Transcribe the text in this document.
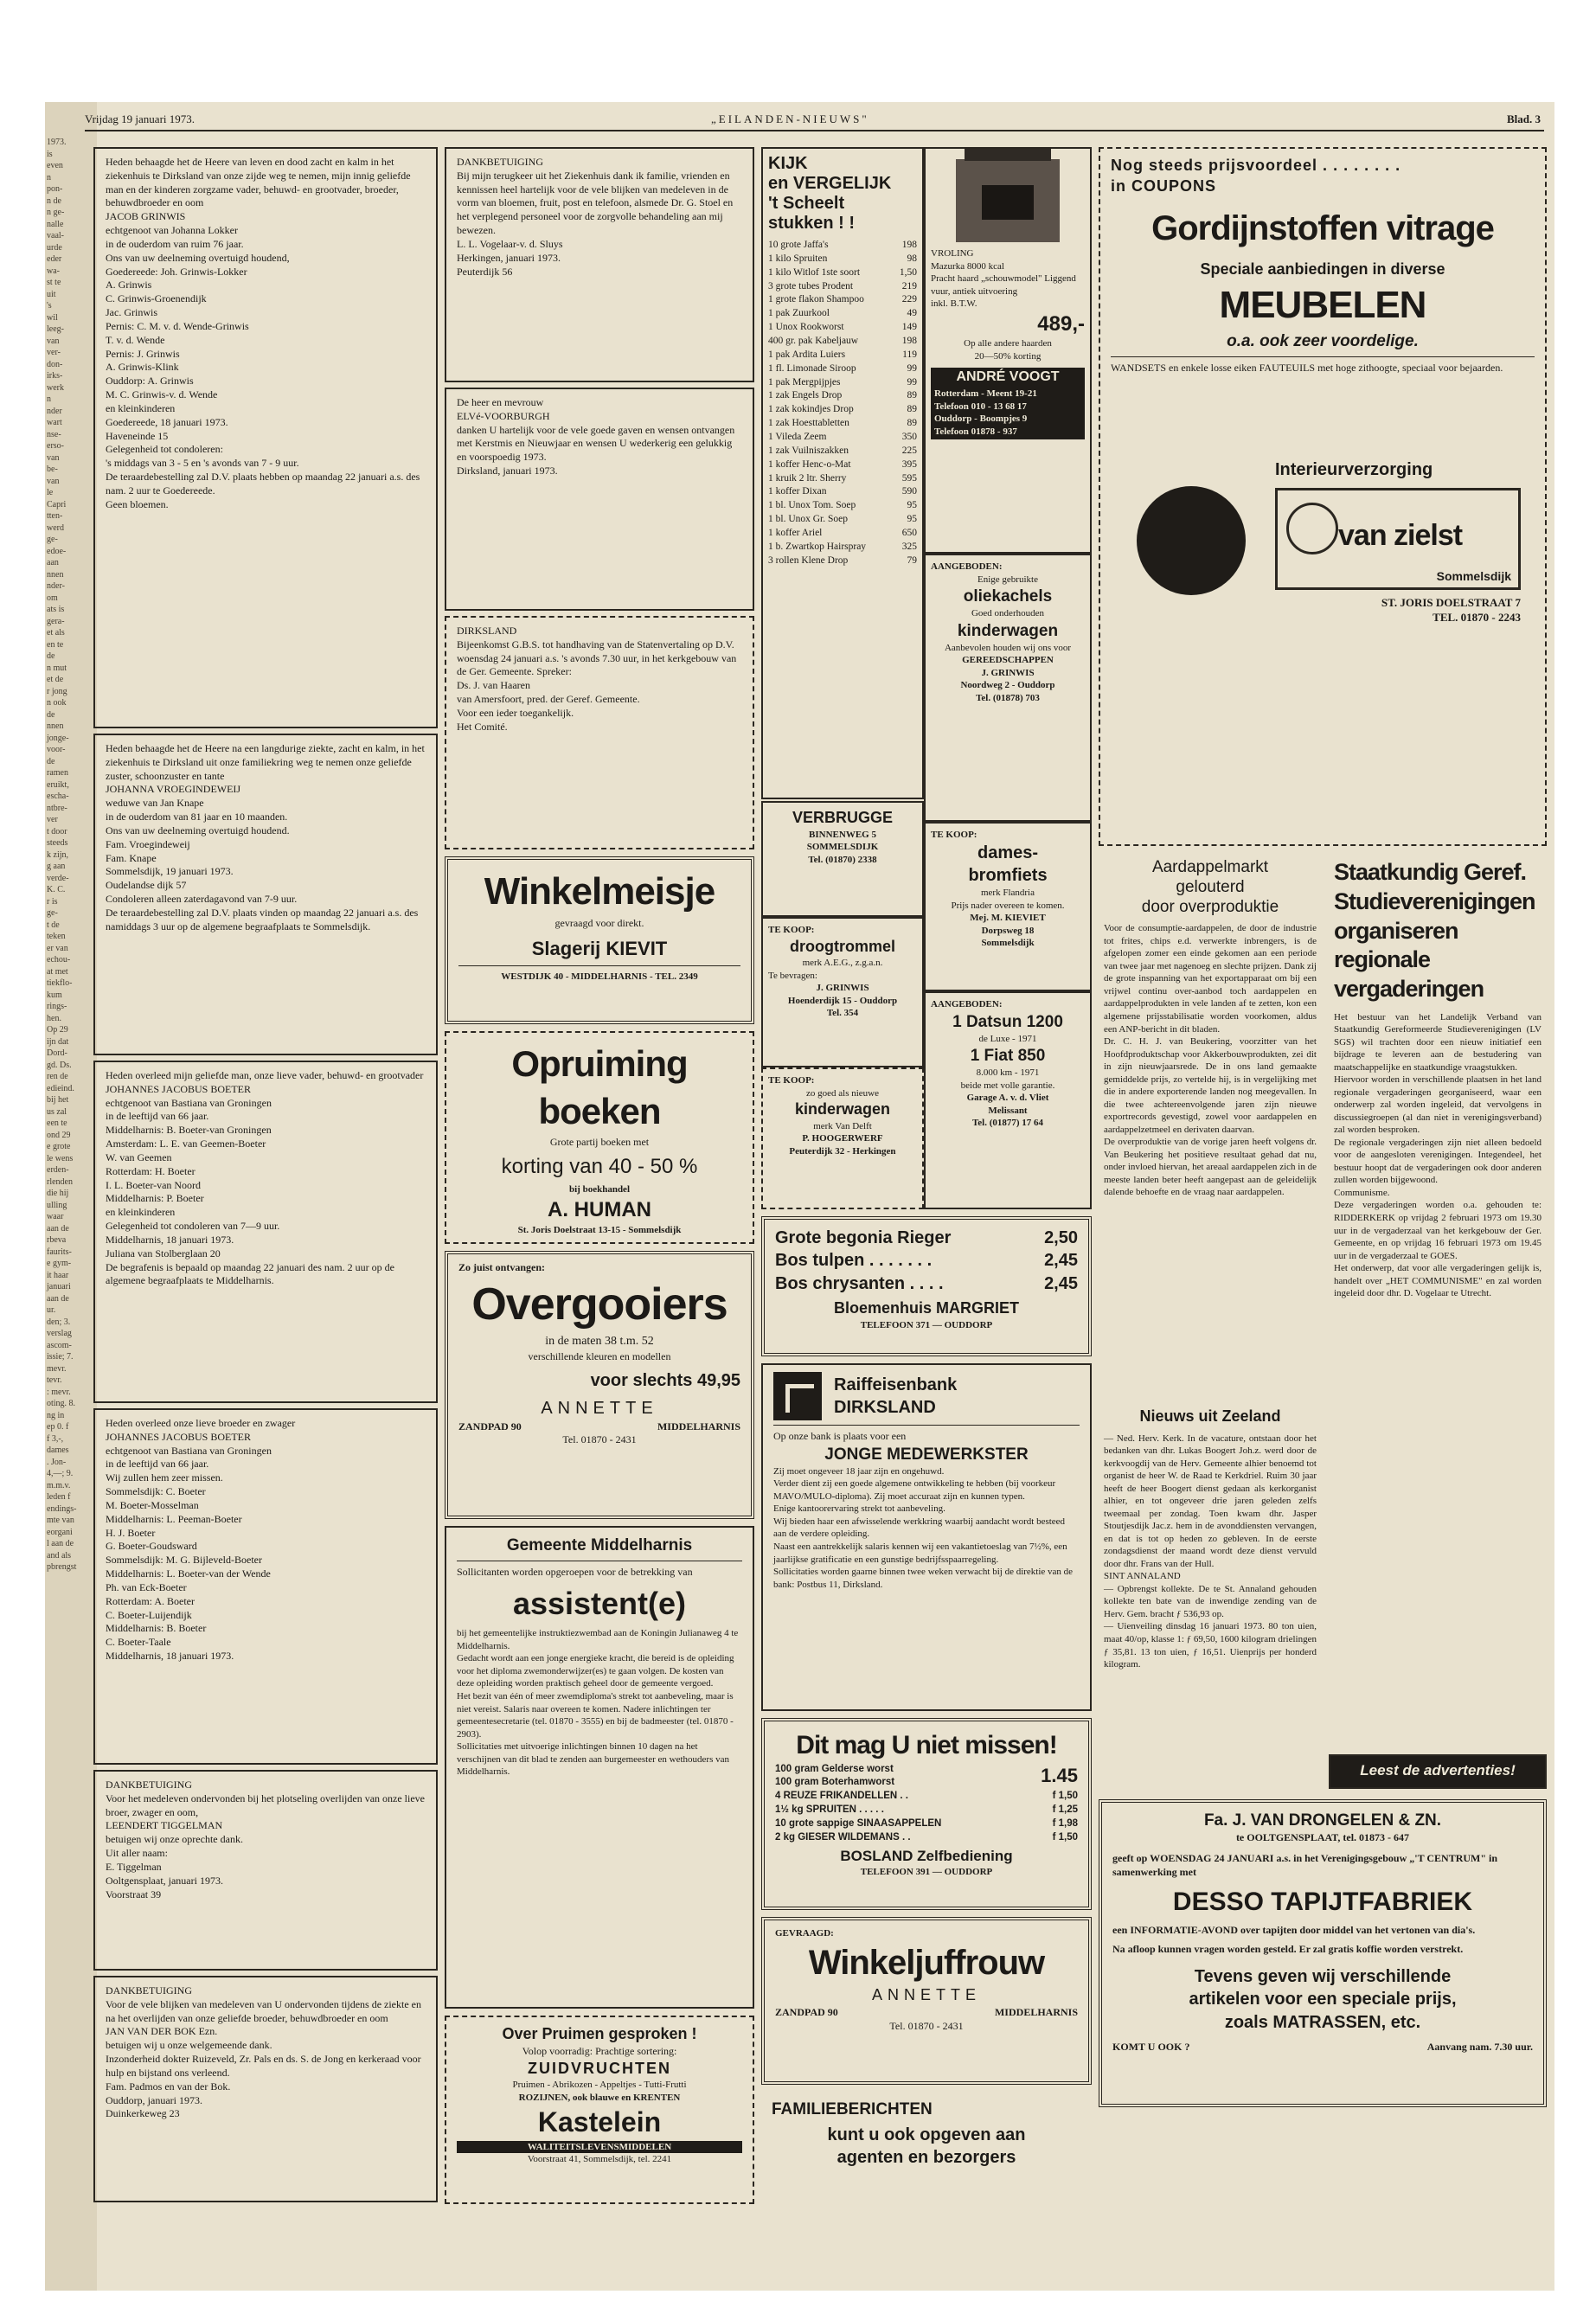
1973.
is
even
n
pon-
n de
n ge-
nalle
vaal-
urde
eder
wa-
st te
uit
's
wil
leeg-
van
ver-
don-
irks-
werk
n
nder
wart
nse-
erso-
van
be-
van
le
Capri
tten-
werd
ge-
edoe-
aan
nnen
nder-
om
ats is
gera-
et als
en te
de
n mut
et de
r jong
n ook
de
nnen
jonge-
voor-
de
ramen
eruikt,
escha-
ntbre-
ver
t door
steeds
k zijn,
g aan
verde-
K. C.
r is
ge-
t de
teken
er van
echou-
at met
tiekflo-
kum
rings-
hen.
Op 29
ijn dat
Dord-
gd. Ds.
ren de
edieind.
bij het
us zal
een te
ond 29
e grote
le wens
erden-
rlenden
die hij
ulling
waar
aan de
rbeva
faurits-
e gym-
it haar
januari
aan de
ur.
den; 3.
verslag
ascom-
issie; 7.
mevr.
tevr.
: mevr.
oting. 8.
ng in
ep 0. f
f 3,-,
dames
. Jon-
4,—; 9.
m.m.v.
leden f
endings-
mte van
eorgani
l aan de
and als
pbrengst
Vrijdag 19 januari 1973.	„EILANDEN-NIEUWS"	Blad. 3
Heden behaagde het de Heere van leven en dood zacht en kalm in het ziekenhuis te Dirksland van onze zijde weg te nemen, mijn innig geliefde man en der kinderen zorgzame vader, behuwd- en grootvader, broeder, behuwdbroeder en oom
JACOB GRINWIS
echtgenoot van Johanna Lokker
in de ouderdom van ruim 76 jaar.
Ons van uw deelneming overtuigd houdend,
Goedereede: Joh. Grinwis-Lokker
A. Grinwis
C. Grinwis-Groenendijk
Jac. Grinwis
Pernis: C. M. v. d. Wende-Grinwis
T. v. d. Wende
Pernis: J. Grinwis
A. Grinwis-Klink
Ouddorp: A. Grinwis
M. C. Grinwis-v. d. Wende
en kleinkinderen
Goedereede, 18 januari 1973.
Haveneinde 15
Gelegenheid tot condoleren:
's middags van 3 - 5 en 's avonds van 7 - 9 uur.
De teraardebestelling zal D.V. plaats hebben op maandag 22 januari a.s. des nam. 2 uur te Goedereede.
Geen bloemen.
Heden behaagde het de Heere na een langdurige ziekte, zacht en kalm, in het ziekenhuis te Dirksland uit onze familiekring weg te nemen onze geliefde zuster, schoonzuster en tante
JOHANNA VROEGINDEWEIJ
weduwe van Jan Knape
in de ouderdom van 81 jaar en 10 maanden.
Ons van uw deelneming overtuigd houdend.
Fam. Vroegindeweij
Fam. Knape
Sommelsdijk, 19 januari 1973.
Oudelandse dijk 57
Condoleren alleen zaterdagavond van 7-9 uur.
De teraardebestelling zal D.V. plaats vinden op maandag 22 januari a.s. des namiddags 3 uur op de algemene begraafplaats te Sommelsdijk.
Heden overleed mijn geliefde man, onze lieve vader, behuwd- en grootvader
JOHANNES JACOBUS BOETER
echtgenoot van Bastiana van Groningen
in de leeftijd van 66 jaar.
Middelharnis: B. Boeter-van Groningen
Amsterdam: L. E. van Geemen-Boeter
W. van Geemen
Rotterdam: H. Boeter
I. L. Boeter-van Noord
Middelharnis: P. Boeter
en kleinkinderen
Gelegenheid tot condoleren van 7—9 uur.
Middelharnis, 18 januari 1973.
Juliana van Stolberglaan 20
De begrafenis is bepaald op maandag 22 januari des nam. 2 uur op de algemene begraafplaats te Middelharnis.
Heden overleed onze lieve broeder en zwager
JOHANNES JACOBUS BOETER
echtgenoot van Bastiana van Groningen
in de leeftijd van 66 jaar.
Wij zullen hem zeer missen.
Sommelsdijk: C. Boeter
M. Boeter-Mosselman
Middelharnis: L. Peeman-Boeter
H. J. Boeter
G. Boeter-Goudsward
Sommelsdijk: M. G. Bijleveld-Boeter
Middelharnis: L. Boeter-van der Wende
Ph. van Eck-Boeter
Rotterdam: A. Boeter
C. Boeter-Luijendijk
Middelharnis: B. Boeter
C. Boeter-Taale
Middelharnis, 18 januari 1973.
DANKBETUIGING
Voor het medeleven ondervonden bij het plotseling overlijden van onze lieve broer, zwager en oom,
LEENDERT TIGGELMAN
betuigen wij onze oprechte dank.
Uit aller naam:
E. Tiggelman
Ooltgensplaat, januari 1973.
Voorstraat 39
DANKBETUIGING
Voor de vele blijken van medeleven van U ondervonden tijdens de ziekte en na het overlijden van onze geliefde broeder, behuwdbroeder en oom
JAN VAN DER BOK Ezn.
betuigen wij u onze welgemeende dank.
Inzonderheid dokter Ruizeveld, Zr. Pals en ds. S. de Jong en kerkeraad voor hulp en bijstand ons verleend.
Fam. Padmos en van der Bok.
Ouddorp, januari 1973.
Duinkerkeweg 23
DANKBETUIGING
Bij mijn terugkeer uit het Ziekenhuis dank ik familie, vrienden en kennissen heel hartelijk voor de vele blijken van medeleven in de vorm van bloemen, fruit, post en telefoon, alsmede Dr. G. Stoel en het verplegend personeel voor de zorgvolle behandeling aan mij bewezen.
L. L. Vogelaar-v. d. Sluys
Herkingen, januari 1973.
Peuterdijk 56
De heer en mevrouw
ELVé-VOORBURGH
danken U hartelijk voor de vele goede gaven en wensen ontvangen met Kerstmis en Nieuwjaar en wensen U wederkerig een gelukkig en voorspoedig 1973.
Dirksland, januari 1973.
DIRKSLAND
Bijeenkomst G.B.S. tot handhaving van de Statenvertaling op D.V. woensdag 24 januari a.s. 's avonds 7.30 uur, in het kerkgebouw van de Ger. Gemeente. Spreker:
Ds. J. van Haaren
van Amersfoort, pred. der Geref. Gemeente.
Voor een ieder toegankelijk.
Het Comité.
Winkelmeisje
gevraagd voor direkt.
Slagerij KIEVIT
WESTDIJK 40 - MIDDELHARNIS - TEL. 2349
Opruiming boeken
Grote partij boeken met
korting van 40 - 50 %
bij boekhandel
A. HUMAN
St. Joris Doelstraat 13-15 - Sommelsdijk
Zo juist ontvangen:
Overgooiers
in de maten 38 t.m. 52
verschillende kleuren en modellen
voor slechts 49,95
ANNETTE
ZANDPAD 90	MIDDELHARNIS
Tel. 01870 - 2431
Gemeente Middelharnis
Sollicitanten worden opgeroepen voor de betrekking van
assistent(e)
bij het gemeentelijke instruktiezwembad aan de Koningin Julianaweg 4 te Middelharnis.
Gedacht wordt aan een jonge energieke kracht, die bereid is de opleiding voor het diploma zwemonderwijzer(es) te gaan volgen. De kosten van deze opleiding worden praktisch geheel door de gemeente vergoed.
Het bezit van één of meer zwemdiploma's strekt tot aanbeveling, maar is niet vereist. Salaris naar overeen te komen. Nadere inlichtingen ter gemeentesecretarie (tel. 01870 - 3555) en bij de badmeester (tel. 01870 - 2903).
Sollicitaties met uitvoerige inlichtingen binnen 10 dagen na het verschijnen van dit blad te zenden aan burgemeester en wethouders van Middelharnis.
Over Pruimen gesproken !
Volop voorradig: Prachtige sortering:
ZUIDVRUCHTEN
Pruimen - Abrikozen - Appeltjes - Tutti-Frutti
ROZIJNEN, ook blauwe en KRENTEN
Kastelein
WALITEITSLEVENSMIDDELEN
Voorstraat 41, Sommelsdijk, tel. 2241
KIJK
en VERGELIJK
't Scheelt
stukken ! !
10 grote Jaffa's	198
1 kilo Spruiten	98
1 kilo Witlof 1ste soort	1,50
3 grote tubes Prodent	219
1 grote flakon Shampoo	229
1 pak Zuurkool	49
1 Unox Rookworst	149
400 gr. pak Kabeljauw	198
1 pak Ardita Luiers	119
1 fl. Limonade Siroop	99
1 pak Mergpijpjes	99
1 zak Engels Drop	89
1 zak kokindjes Drop	89
1 zak Hoesttabletten	89
1 Vileda Zeem	350
1 zak Vuilniszakken	225
1 koffer Henc-o-Mat	395
1 kruik 2 ltr. Sherry	595
1 koffer Dixan	590
1 bl. Unox Tom. Soep	95
1 bl. Unox Gr. Soep	95
1 koffer Ariel	650
1 b. Zwartkop Hairspray	325
3 rollen Klene Drop	79
VROLING
Mazurka 8000 kcal
Pracht haard „schouwmodel" Liggend vuur, antiek uitvoering
inkl. B.T.W.
489,-
Op alle andere haarden
20—50% korting
ANDRÉ VOOGT
Rotterdam - Meent 19-21
Telefoon 010 - 13 68 17
Ouddorp - Boompjes 9
Telefoon 01878 - 937
AANGEBODEN:
Enige gebruikte
oliekachels
Goed onderhouden
kinderwagen
Aanbevolen houden wij ons voor
GEREEDSCHAPPEN
J. GRINWIS
Noordweg 2 - Ouddorp
Tel. (01878) 703
VERBRUGGE
BINNENWEG 5
SOMMELSDIJK
Tel. (01870) 2338
TE KOOP:
droogtrommel
merk A.E.G., z.g.a.n.
Te bevragen:
J. GRINWIS
Hoenderdijk 15 - Ouddorp
Tel. 354
TE KOOP:
dames-
bromfiets
merk Flandria
Prijs nader overeen te komen.
Mej. M. KIEVIET
Dorpsweg 18
Sommelsdijk
TE KOOP:
zo goed als nieuwe
kinderwagen
merk Van Delft
P. HOOGERWERF
Peuterdijk 32 - Herkingen
AANGEBODEN:
1 Datsun 1200
de Luxe - 1971
1 Fiat 850
8.000 km - 1971
beide met volle garantie.
Garage A. v. d. Vliet
Melissant
Tel. (01877) 17 64
Grote begonia Rieger	2,50
Bos tulpen . . . . . . .	2,45
Bos chrysanten . . . .	2,45
Bloemenhuis MARGRIET
TELEFOON 371 — OUDDORP
Raiffeisenbank
DIRKSLAND
Op onze bank is plaats voor een
JONGE MEDEWERKSTER
Zij moet ongeveer 18 jaar zijn en ongehuwd.
Verder dient zij een goede algemene ontwikkeling te hebben (bij voorkeur MAVO/MULO-diploma). Zij moet accuraat zijn en kunnen typen.
Enige kantoorervaring strekt tot aanbeveling.
Wij bieden haar een afwisselende werkkring waarbij aandacht wordt besteed aan de verdere opleiding.
Naast een aantrekkelijk salaris kennen wij een vakantietoeslag van 7½%, een jaarlijkse gratificatie en een gunstige bedrijfsspaarregeling.
Sollicitaties worden gaarne binnen twee weken verwacht bij de direktie van de bank: Postbus 11, Dirksland.
Dit mag U niet missen!
100 gram Gelderse worst
100 gram Boterhamworst	1.45
4 REUZE FRIKANDELLEN . .	f 1,50
1½ kg SPRUITEN . . . . .	f 1,25
10 grote sappige SINAASAPPELEN	f 1,98
2 kg GIESER WILDEMANS . .	f 1,50
BOSLAND Zelfbediening
TELEFOON 391 — OUDDORP
GEVRAAGD:
Winkeljuffrouw
ANNETTE
ZANDPAD 90	MIDDELHARNIS
Tel. 01870 - 2431
FAMILIEBERICHTEN
kunt u ook opgeven aan
agenten en bezorgers
Nog steeds prijsvoordeel . . . . . . . .
in COUPONS
Gordijnstoffen vitrage
Speciale aanbiedingen in diverse
MEUBELEN
o.a. ook zeer voordelige.
WANDSETS en enkele losse eiken FAUTEUILS met hoge zithoogte, speciaal voor bejaarden.
Interieurverzorging
van zielst
Sommelsdijk
ST. JORIS DOELSTRAAT 7
TEL. 01870 - 2243
Aardappelmarkt
gelouterd
door overproduktie
Voor de consumptie-aardappelen, de door de industrie tot frites, chips e.d. verwerkte inbrengers, is de afgelopen zomer een einde gekomen aan een periode van twee jaar met nagenoeg en slechte prijzen. Dank zij de grote inspanning van het exportapparaat om bij een vrijwel continu over-aanbod toch aardappelen en aardappelprodukten in vele landen af te zetten, kon een algemene prijsstabilisatie worden voorkomen, aldus een ANP-bericht in dit bladen.
Dr. C. H. J. van Beukering, voorzitter van het Hoofdproduktschap voor Akkerbouwprodukten, zei dit in zijn nieuwjaarsrede. De in ons land gemaakte gemiddelde prijs, zo vertelde hij, is in vergelijking met die in andere exporterende landen nog meegevallen. In die twee achtereenvolgende jaren zijn nieuwe exportrecords gevestigd, zowel voor aardappelen en aardappelzetmeel en derivaten daarvan.
De overproduktie van de vorige jaren heeft volgens dr. Van Beukering het positieve resultaat gehad dat nu, onder invloed hiervan, het areaal aardappelen zich in de meeste landen beter heeft aangepast aan de geleidelijk dalende behoefte en de vraag naar aardappelen.
Nieuws uit Zeeland
— Ned. Herv. Kerk. In de vacature, ontstaan door het bedanken van dhr. Lukas Boogert Joh.z. werd door de kerkvoogdij van de Herv. Gemeente alhier benoemd tot organist de heer W. de Raad te Kerkdriel. Ruim 30 jaar heeft de heer Boogert dienst gedaan als kerkorganist alhier, en tot ongeveer drie jaren geleden zelfs tweemaal per zondag. Toen kwam dhr. Jasper Stoutjesdijk Jac.z. hem in de avonddiensten vervangen, en dat is tot op heden zo gebleven. In de eerste zondagsdienst der maand wordt deze dienst vervuld door dhr. Frans van der Hull.
SINT ANNALAND
— Opbrengst kollekte. De te St. Annaland gehouden kollekte ten bate van de inwendige zending van de Herv. Gem. bracht ƒ 536,93 op.
— Uienveiling dinsdag 16 januari 1973. 80 ton uien, maat 40/op, klasse 1: ƒ 69,50, 1600 kilogram drielingen ƒ 35,81. 13 ton uien, ƒ 16,51. Uienprijs per honderd kilogram.
Staatkundig Geref.
Studieverenigingen
organiseren
regionale
vergaderingen
Het bestuur van het Landelijk Verband van Staatkundig Gereformeerde Studieverenigingen (LV SGS) wil trachten door een nieuw initiatief een bijdrage te leveren aan de bestudering van maatschappelijke en staatkundige vraagstukken.
Hiervoor worden in verschillende plaatsen in het land regionale vergaderingen georganiseerd, waar een onderwerp zal worden ingeleid, dat vervolgens in discussiegroepen (al dan niet in verenigingsverband) zal worden besproken.
De regionale vergaderingen zijn niet alleen bedoeld voor de aangesloten verenigingen. Integendeel, het bestuur hoopt dat de vergaderingen ook door anderen zullen worden bijgewoond.
Communisme.
Deze vergaderingen worden o.a. gehouden te: RIDDERKERK op vrijdag 2 februari 1973 om 19.30 uur in de vergaderzaal van het kerkgebouw der Ger. Gemeente, en op vrijdag 16 februari 1973 om 19.45 uur in de vergaderzaal te GOES.
Het onderwerp, dat voor alle vergaderingen gelijk is, handelt over „HET COMMUNISME" en zal worden ingeleid door dhr. D. Vogelaar te Utrecht.
Leest de advertenties!
Fa. J. VAN DRONGELEN & ZN.
te OOLTGENSPLAAT, tel. 01873 - 647
geeft op WOENSDAG 24 JANUARI a.s. in het Verenigingsgebouw „'T CENTRUM" in samenwerking met
DESSO TAPIJTFABRIEK
een INFORMATIE-AVOND over tapijten door middel van het vertonen van dia's.
Na afloop kunnen vragen worden gesteld. Er zal gratis koffie worden verstrekt.
Tevens geven wij verschillende
artikelen voor een speciale prijs,
zoals MATRASSEN, etc.
KOMT U OOK ?	Aanvang nam. 7.30 uur.
